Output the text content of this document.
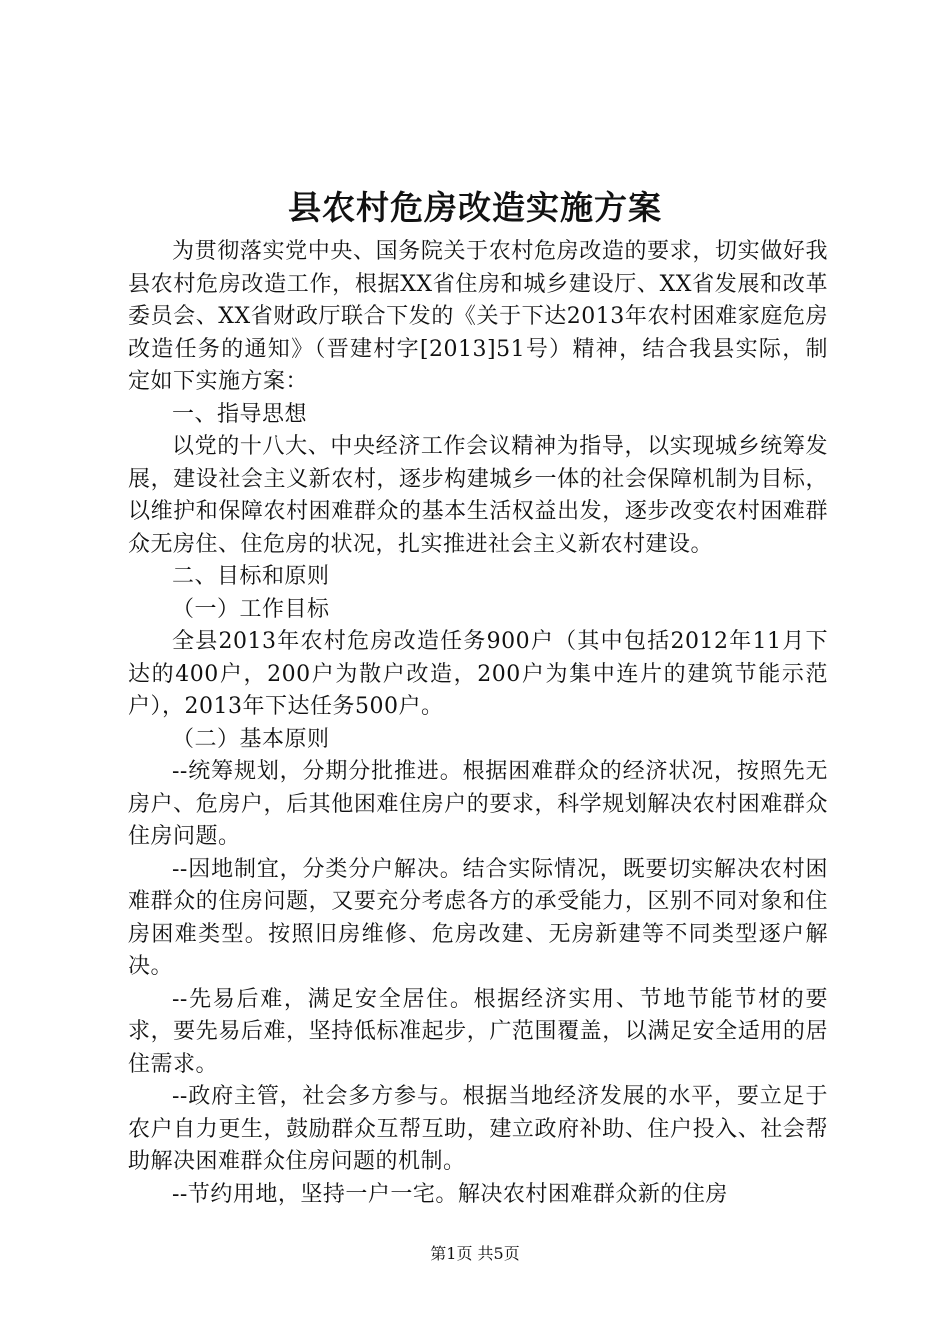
县农村危房改造实施方案

为贯彻落实党中央、国务院关于农村危房改造的要求，切实做好我县农村危房改造工作，根据XX省住房和城乡建设厅、XX省发展和改革委员会、XX省财政厅联合下发的《关于下达2013年农村困难家庭危房改造任务的通知》（晋建村字[2013]51号）精神，结合我县实际，制定如下实施方案：

一、指导思想

以党的十八大、中央经济工作会议精神为指导，以实现城乡统筹发展，建设社会主义新农村，逐步构建城乡一体的社会保障机制为目标，以维护和保障农村困难群众的基本生活权益出发，逐步改变农村困难群众无房住、住危房的状况，扎实推进社会主义新农村建设。

二、目标和原则

（一）工作目标

全县2013年农村危房改造任务900户（其中包括2012年11月下达的400户，200户为散户改造，200户为集中连片的建筑节能示范户），2013年下达任务500户。

（二）基本原则

--统筹规划，分期分批推进。根据困难群众的经济状况，按照先无房户、危房户，后其他困难住房户的要求，科学规划解决农村困难群众住房问题。

--因地制宜，分类分户解决。结合实际情况，既要切实解决农村困难群众的住房问题，又要充分考虑各方的承受能力，区别不同对象和住房困难类型。按照旧房维修、危房改建、无房新建等不同类型逐户解决。

--先易后难，满足安全居住。根据经济实用、节地节能节材的要求，要先易后难，坚持低标准起步，广范围覆盖，以满足安全适用的居住需求。

--政府主管，社会多方参与。根据当地经济发展的水平，要立足于农户自力更生，鼓励群众互帮互助，建立政府补助、住户投入、社会帮助解决困难群众住房问题的机制。

--节约用地，坚持一户一宅。解决农村困难群众新的住房

第1页 共5页
